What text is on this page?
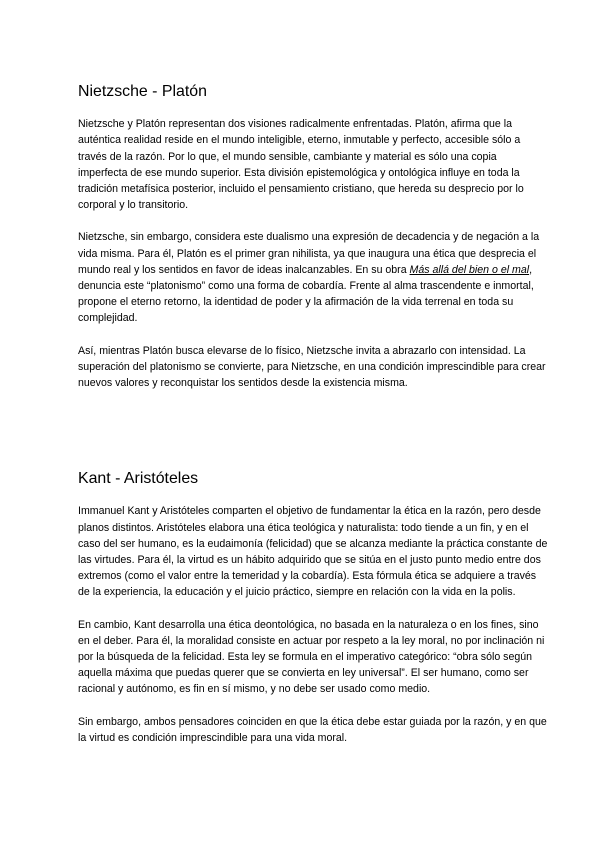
Nietzsche - Platón

Nietzsche y Platón representan dos visiones radicalmente enfrentadas. Platón, afirma que la auténtica realidad reside en el mundo inteligible, eterno, inmutable y perfecto, accesible sólo a través de la razón. Por lo que, el mundo sensible, cambiante y material es sólo una copia imperfecta de ese mundo superior. Esta división epistemológica y ontológica influye en toda la tradición metafísica posterior, incluido el pensamiento cristiano, que hereda su desprecio por lo corporal y lo transitorio.

Nietzsche, sin embargo, considera este dualismo una expresión de decadencia y de negación a la vida misma. Para él, Platón es el primer gran nihilista, ya que inaugura una ética que desprecia el mundo real y los sentidos en favor de ideas inalcanzables. En su obra Más allá del bien o el mal, denuncia este “platonismo” como una forma de cobardía. Frente al alma trascendente e inmortal, propone el eterno retorno, la identidad de poder y la afirmación de la vida terrenal en toda su complejidad.

Así, mientras Platón busca elevarse de lo físico, Nietzsche invita a abrazarlo con intensidad. La superación del platonismo se convierte, para Nietzsche, en una condición imprescindible para crear nuevos valores y reconquistar los sentidos desde la existencia misma.

Kant - Aristóteles

Immanuel Kant y Aristóteles comparten el objetivo de fundamentar la ética en la razón, pero desde planos distintos. Aristóteles elabora una ética teológica y naturalista: todo tiende a un fin, y en el caso del ser humano, es la eudaimonía (felicidad) que se alcanza mediante la práctica constante de las virtudes. Para él, la virtud es un hábito adquirido que se sitúa en el justo punto medio entre dos extremos (como el valor entre la temeridad y la cobardía). Esta fórmula ética se adquiere a través de la experiencia, la educación y el juicio práctico, siempre en relación con la vida en la polis.

En cambio, Kant desarrolla una ética deontológica, no basada en la naturaleza o en los fines, sino en el deber. Para él, la moralidad consiste en actuar por respeto a la ley moral, no por inclinación ni por la búsqueda de la felicidad. Esta ley se formula en el imperativo categórico: “obra sólo según aquella máxima que puedas querer que se convierta en ley universal”. El ser humano, como ser racional y autónomo, es fin en sí mismo, y no debe ser usado como medio.

Sin embargo, ambos pensadores coinciden en que la ética debe estar guiada por la razón, y en que la virtud es condición imprescindible para una vida moral.
